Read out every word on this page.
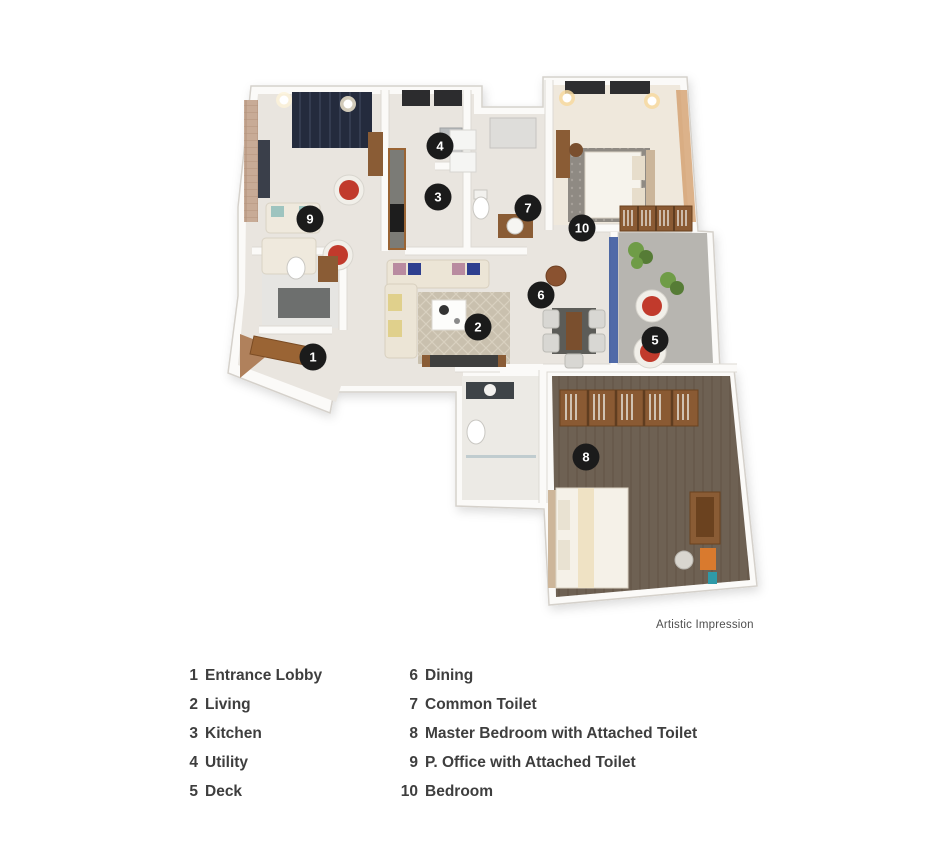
1
2
3
4
5
6
7
8
9
10
Artistic Impression
1 Entrance Lobby
2 Living
3 Kitchen
4 Utility
5 Deck
6 Dining
7 Common Toilet
8 Master Bedroom with Attached Toilet
9 P. Office with Attached Toilet
10 Bedroom
